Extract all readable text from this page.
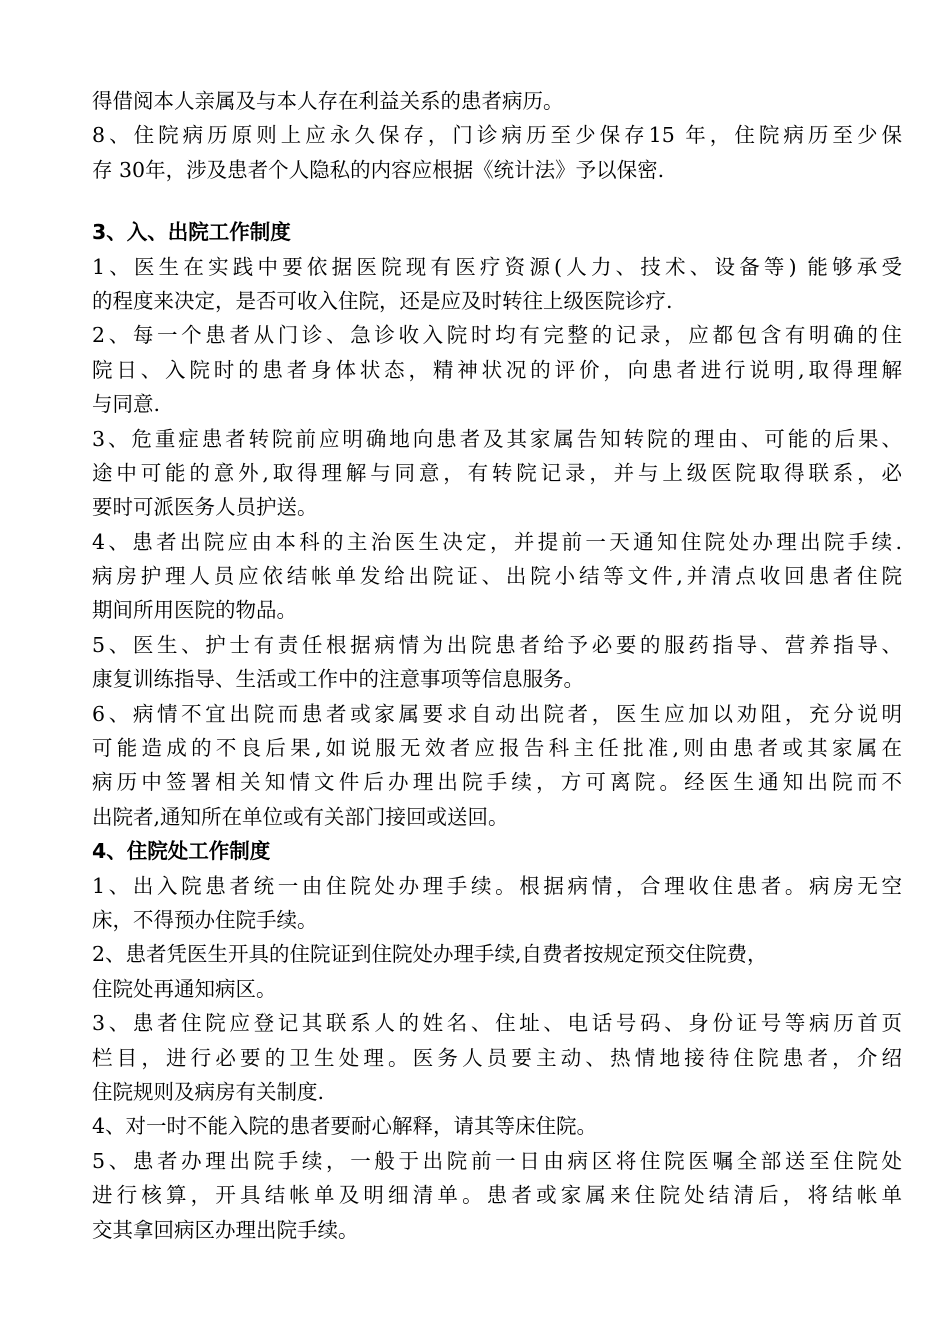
得借阅本人亲属及与本人存在利益关系的患者病历。
8、住院病历原则上应永久保存，门诊病历至少保存15 年，住院病历至少保
存 30年，涉及患者个人隐私的内容应根据《统计法》予以保密.
3、入、出院工作制度
1、医生在实践中要依据医院现有医疗资源(人力、技术、设备等) 能够承受
的程度来决定，是否可收入住院，还是应及时转往上级医院诊疗.
2、每一个患者从门诊、急诊收入院时均有完整的记录，应都包含有明确的住
院日、入院时的患者身体状态，精神状况的评价，向患者进行说明,取得理解
与同意.
3、危重症患者转院前应明确地向患者及其家属告知转院的理由、可能的后果、
途中可能的意外,取得理解与同意，有转院记录，并与上级医院取得联系，必
要时可派医务人员护送。
4、患者出院应由本科的主治医生决定，并提前一天通知住院处办理出院手续.
病房护理人员应依结帐单发给出院证、出院小结等文件,并清点收回患者住院
期间所用医院的物品。
5、医生、护士有责任根据病情为出院患者给予必要的服药指导、营养指导、
康复训练指导、生活或工作中的注意事项等信息服务。
6、病情不宜出院而患者或家属要求自动出院者，医生应加以劝阻，充分说明
可能造成的不良后果,如说服无效者应报告科主任批准,则由患者或其家属在
病历中签署相关知情文件后办理出院手续，方可离院。经医生通知出院而不
出院者,通知所在单位或有关部门接回或送回。
4、住院处工作制度
1、出入院患者统一由住院处办理手续。根据病情，合理收住患者。病房无空
床，不得预办住院手续。
2、患者凭医生开具的住院证到住院处办理手续,自费者按规定预交住院费，
住院处再通知病区。
3、患者住院应登记其联系人的姓名、住址、电话号码、身份证号等病历首页
栏目，进行必要的卫生处理。医务人员要主动、热情地接待住院患者，介绍
住院规则及病房有关制度.
4、对一时不能入院的患者要耐心解释，请其等床住院。
5、患者办理出院手续，一般于出院前一日由病区将住院医嘱全部送至住院处
进行核算，开具结帐单及明细清单。患者或家属来住院处结清后，将结帐单
交其拿回病区办理出院手续。
